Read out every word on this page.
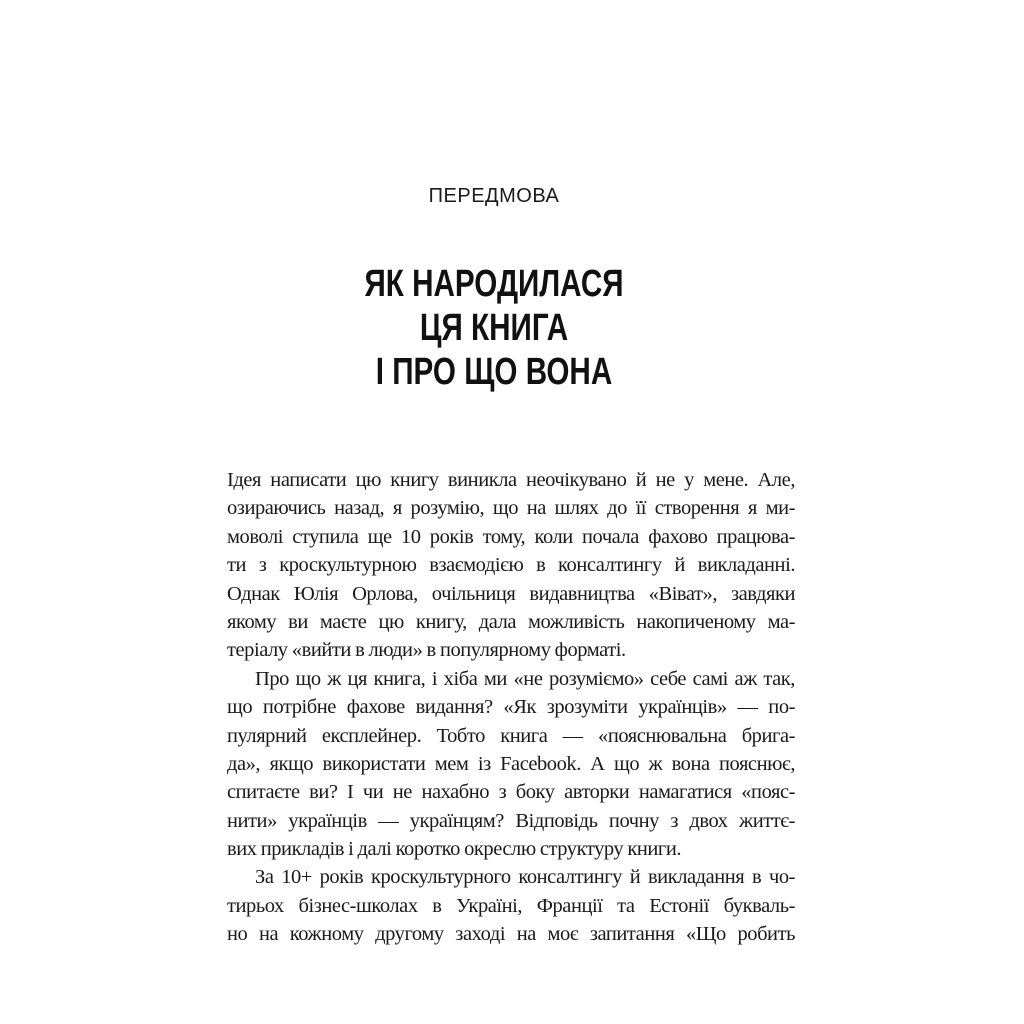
ПЕРЕДМОВА
ЯК НАРОДИЛАСЯ
ЦЯ КНИГА
І ПРО ЩО ВОНА
Ідея написати цю книгу виникла неочікувано й не у мене. Але,
озираючись назад, я розумію, що на шлях до її створення я ми-
моволі ступила ще 10 років тому, коли почала фахово працюва-
ти з кроскультурною взаємодією в консалтингу й викладанні.
Однак Юлія Орлова, очільниця видавництва «Віват», завдяки
якому ви маєте цю книгу, дала можливість накопиченому ма-
теріалу «вийти в люди» в популярному форматі.
Про що ж ця книга, і хіба ми «не розуміємо» себе самі аж так,
що потрібне фахове видання? «Як зрозуміти українців» — по-
пулярний експлейнер. Тобто книга — «пояснювальна брига-
да», якщо використати мем із Facebook. А що ж вона пояснює,
спитаєте ви? І чи не нахабно з боку авторки намагатися «пояс-
нити» українців — українцям? Відповідь почну з двох життє-
вих прикладів і далі коротко окреслю структуру книги.
За 10+ років кроскультурного консалтингу й викладання в чо-
тирьох бізнес-школах в Україні, Франції та Естонії букваль-
но на кожному другому заході на моє запитання «Що робить
